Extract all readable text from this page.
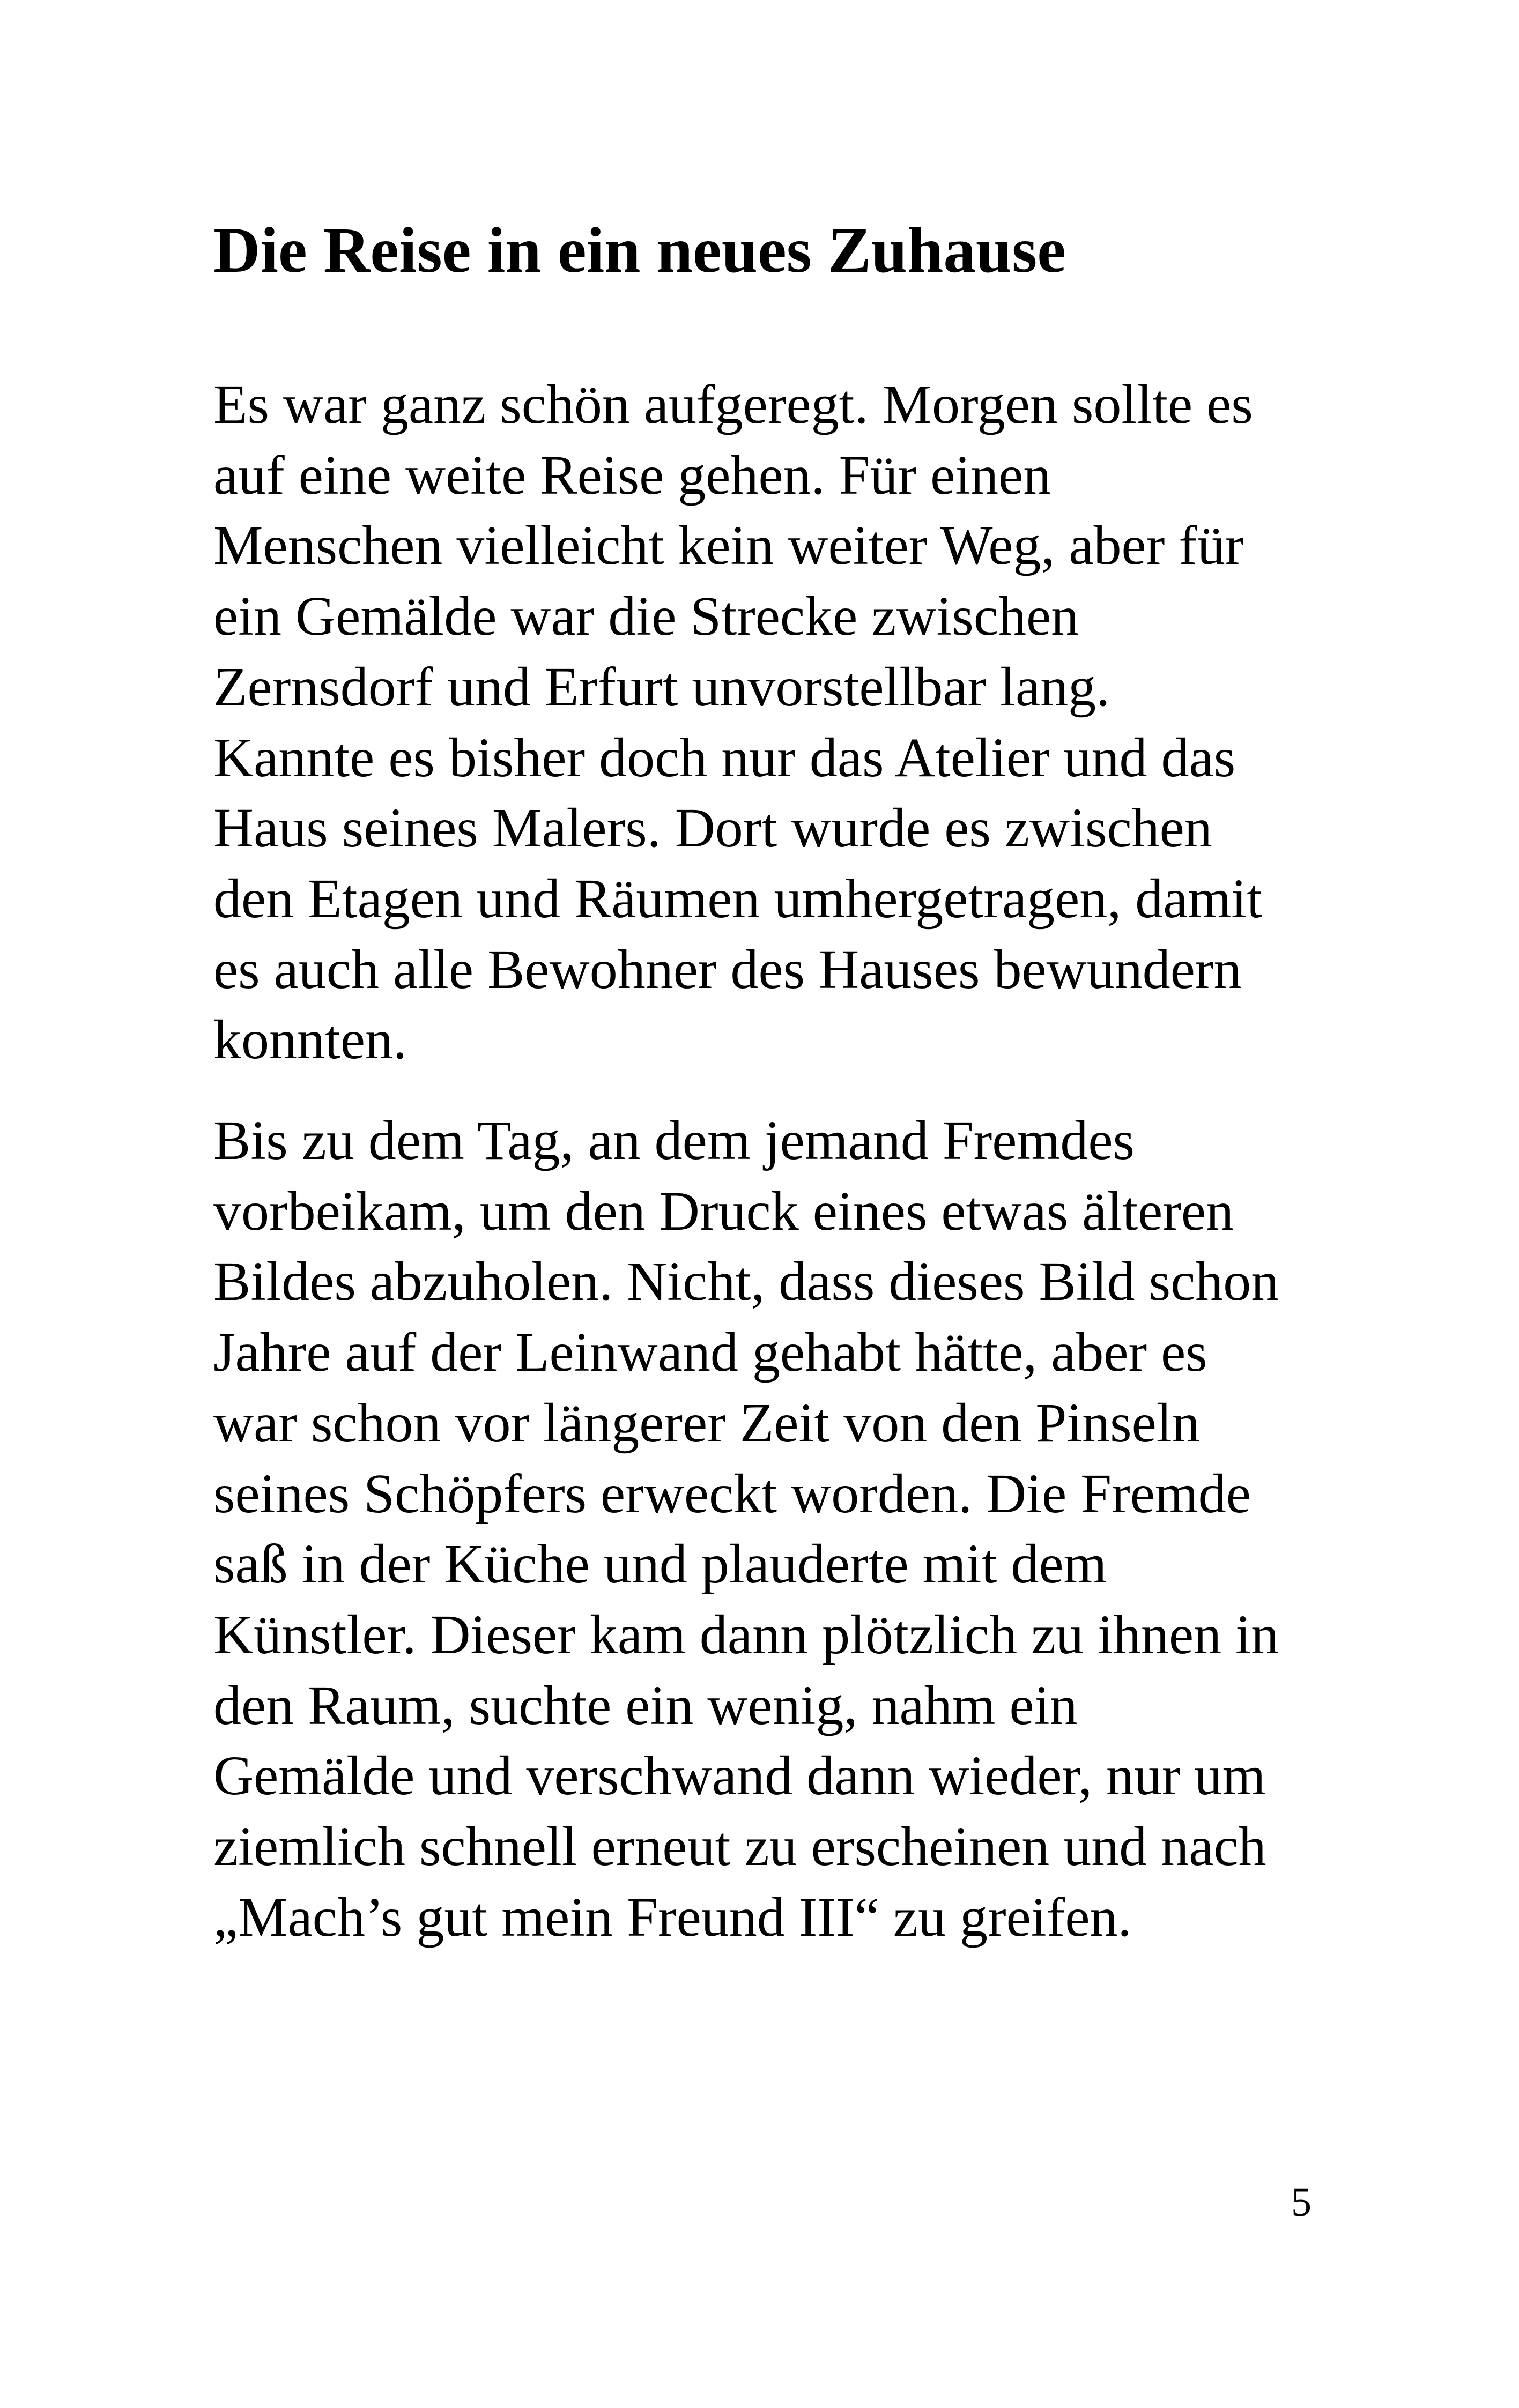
Die Reise in ein neues Zuhause
Es war ganz schön aufgeregt. Morgen sollte es
auf eine weite Reise gehen. Für einen
Menschen vielleicht kein weiter Weg, aber für
ein Gemälde war die Strecke zwischen
Zernsdorf und Erfurt unvorstellbar lang.
Kannte es bisher doch nur das Atelier und das
Haus seines Malers. Dort wurde es zwischen
den Etagen und Räumen umhergetragen, damit
es auch alle Bewohner des Hauses bewundern
konnten.
Bis zu dem Tag, an dem jemand Fremdes
vorbeikam, um den Druck eines etwas älteren
Bildes abzuholen. Nicht, dass dieses Bild schon
Jahre auf der Leinwand gehabt hätte, aber es
war schon vor längerer Zeit von den Pinseln
seines Schöpfers erweckt worden. Die Fremde
saß in der Küche und plauderte mit dem
Künstler. Dieser kam dann plötzlich zu ihnen in
den Raum, suchte ein wenig, nahm ein
Gemälde und verschwand dann wieder, nur um
ziemlich schnell erneut zu erscheinen und nach
„Mach’s gut mein Freund III“ zu greifen.

5
